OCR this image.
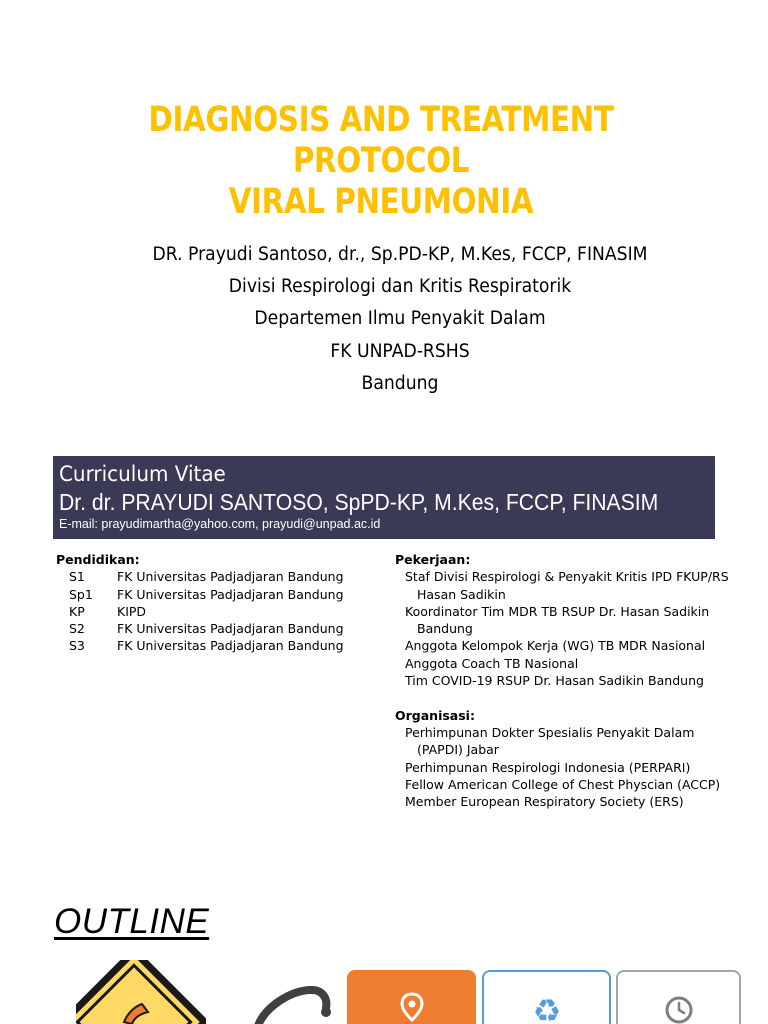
DIAGNOSIS AND TREATMENT
PROTOCOL
VIRAL PNEUMONIA
DR. Prayudi Santoso, dr., Sp.PD-KP, M.Kes, FCCP, FINASIM
Divisi Respirologi dan Kritis Respiratorik
Departemen Ilmu Penyakit Dalam
FK UNPAD-RSHS
Bandung
Curriculum Vitae
Dr. dr. PRAYUDI SANTOSO, SpPD-KP, M.Kes, FCCP, FINASIM
E-mail: prayudimartha@yahoo.com, prayudi@unpad.ac.id
Pendidikan:
S1	FK Universitas Padjadjaran Bandung
Sp1 FK Universitas Padjadjaran Bandung
KP	KIPD
S2	FK Universitas Padjadjaran Bandung
S3	FK Universitas Padjadjaran Bandung
Pekerjaan:
Staf Divisi Respirologi & Penyakit Kritis IPD FKUP/RS
Hasan Sadikin
Koordinator Tim MDR TB RSUP Dr. Hasan Sadikin
Bandung
Anggota Kelompok Kerja (WG) TB MDR Nasional
Anggota Coach TB Nasional
Tim COVID-19 RSUP Dr. Hasan Sadikin Bandung
Organisasi:
Perhimpunan Dokter Spesialis Penyakit Dalam
(PAPDI) Jabar
Perhimpunan Respirologi Indonesia (PERPARI)
Fellow American College of Chest Physcian (ACCP)
Member European Respiratory Society (ERS)
OUTLINE
♻
